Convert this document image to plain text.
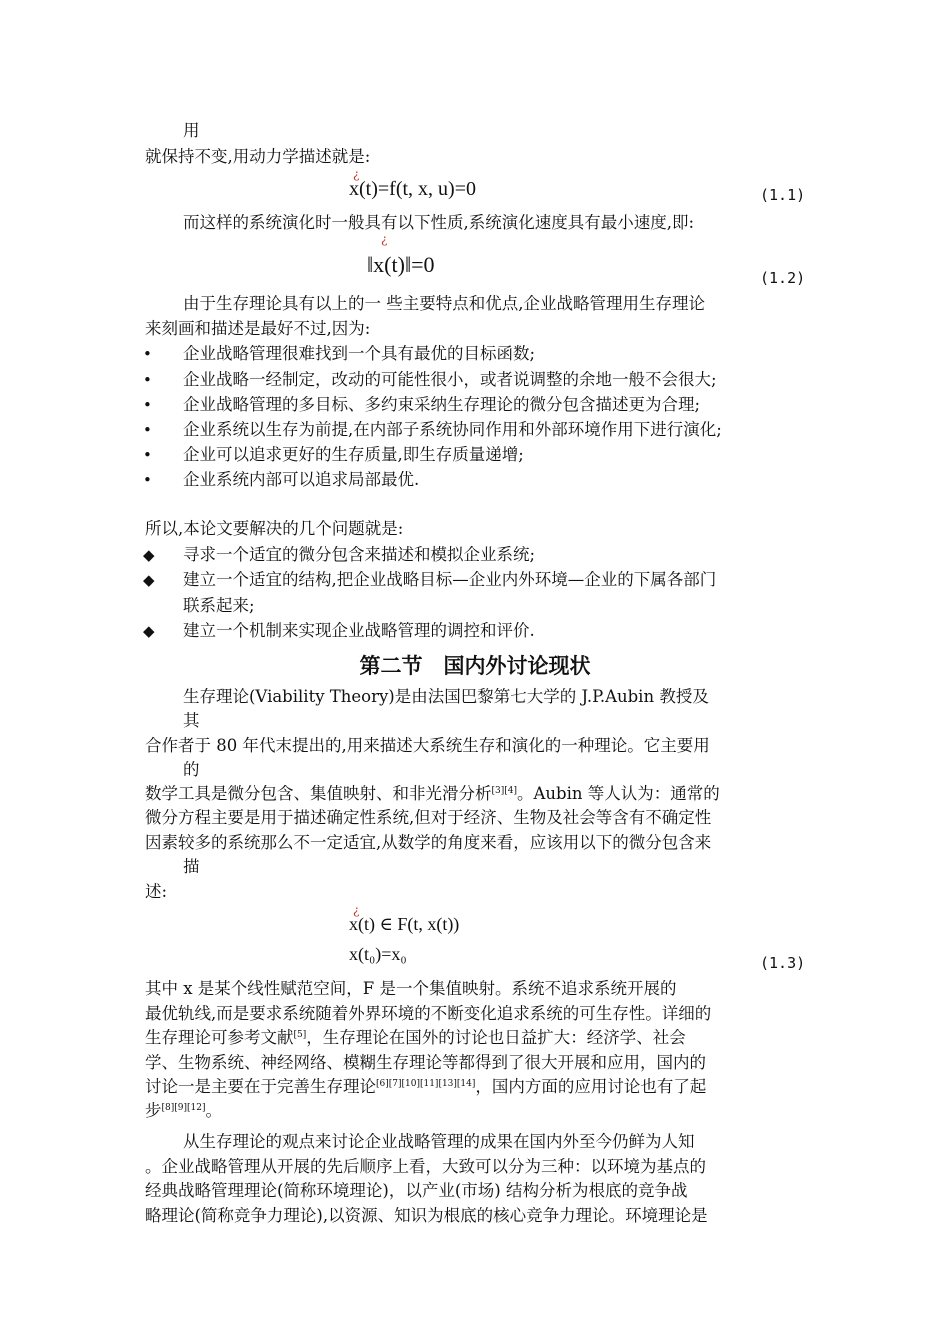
用
就保持不变,用动力学描述就是:
¿
x(t)=f(t, x, u)=0	(1.1)
而这样的系统演化时一般具有以下性质,系统演化速度具有最小速度,即:
¿
‖x(t)‖=0
(1.2)
由于生存理论具有以上的一 些主要特点和优点,企业战略管理用生存理论
来刻画和描述是最好不过,因为:
• 企业战略管理很难找到一个具有最优的目标函数;
• 企业战略一经制定，改动的可能性很小，或者说调整的余地一般不会很大;
• 企业战略管理的多目标、多约束采纳生存理论的微分包含描述更为合理;
• 企业系统以生存为前提,在内部子系统协同作用和外部环境作用下进行演化;
• 企业可以追求更好的生存质量,即生存质量递增;
• 企业系统内部可以追求局部最优.
所以,本论文要解决的几个问题就是:
◆ 寻求一个适宜的微分包含来描述和模拟企业系统;
◆ 建立一个适宜的结构,把企业战略目标—企业内外环境—企业的下属各部门
联系起来;
◆ 建立一个机制来实现企业战略管理的调控和评价.
第二节　国内外讨论现状
生存理论(Viability Theory)是由法国巴黎第七大学的 J.P.Aubin 教授及
其
合作者于 80 年代末提出的,用来描述大系统生存和演化的一种理论。它主要用
的
数学工具是微分包含、集值映射、和非光滑分析[3][4]。Aubin 等人认为：通常的
微分方程主要是用于描述确定性系统,但对于经济、生物及社会等含有不确定性
因素较多的系统那么不一定适宜,从数学的角度来看，应该用以下的微分包含来
描
述:
¿
x(t) ∈ F(t, x(t))
x(t₀)=x₀	(1.3)
其中 x 是某个线性赋范空间，F 是一个集值映射。系统不追求系统开展的
最优轨线,而是要求系统随着外界环境的不断变化追求系统的可生存性。详细的
生存理论可参考文献[5]，生存理论在国外的讨论也日益扩大：经济学、社会
学、生物系统、神经网络、模糊生存理论等都得到了很大开展和应用，国内的
讨论一是主要在于完善生存理论[6][7][10][11][13][14]，国内方面的应用讨论也有了起
步[8][9][12]。
从生存理论的观点来讨论企业战略管理的成果在国内外至今仍鲜为人知
。企业战略管理从开展的先后顺序上看，大致可以分为三种：以环境为基点的
经典战略管理理论(简称环境理论)，以产业(市场) 结构分析为根底的竞争战
略理论(简称竞争力理论),以资源、知识为根底的核心竞争力理论。环境理论是
